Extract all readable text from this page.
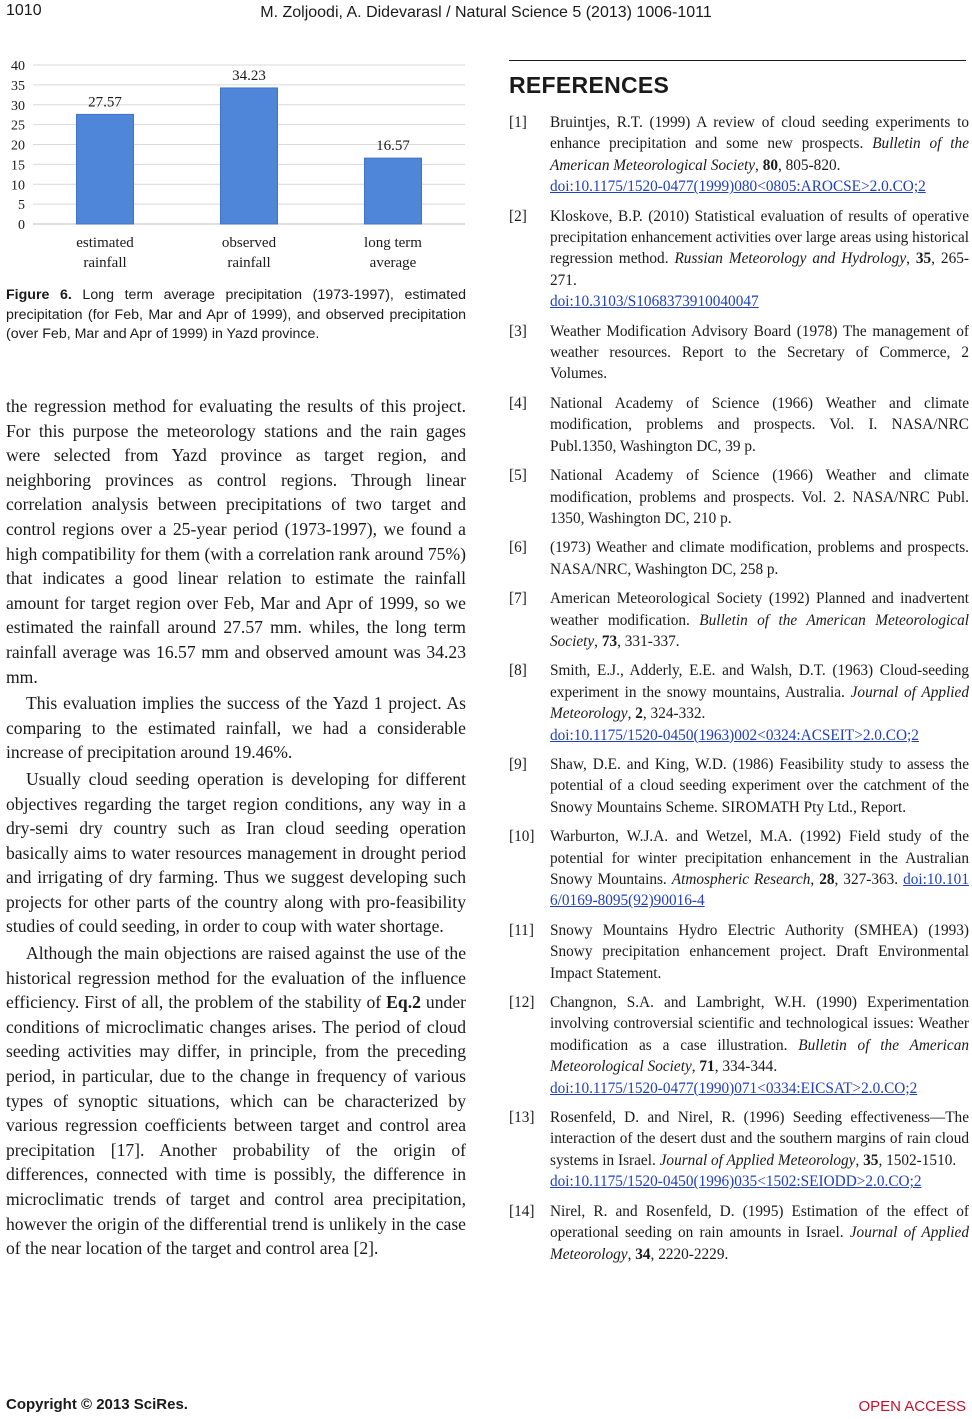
1010	M. Zoljoodi, A. Didevarasl / Natural Science 5 (2013) 1006-1011
0
5
10
15
20
25
30
35
40
27.57
estimated
rainfall
34.23
observed
rainfall
16.57
long term
average
Figure 6. Long term average precipitation (1973-1997), estimated precipitation (for Feb, Mar and Apr of 1999), and observed precipitation (over Feb, Mar and Apr of 1999) in Yazd province.

the regression method for evaluating the results of this project. For this purpose the meteorology stations and the rain gages were selected from Yazd province as target region, and neighboring provinces as control regions. Through linear correlation analysis between precipitations of two target and control regions over a 25-year period (1973-1997), we found a high compatibility for them (with a correlation rank around 75%) that indicates a good linear relation to estimate the rainfall amount for target region over Feb, Mar and Apr of 1999, so we estimated the rainfall around 27.57 mm. whiles, the long term rainfall average was 16.57 mm and observed amount was 34.23 mm.

This evaluation implies the success of the Yazd 1 project. As comparing to the estimated rainfall, we had a considerable increase of precipitation around 19.46%.

Usually cloud seeding operation is developing for different objectives regarding the target region conditions, any way in a dry-semi dry country such as Iran cloud seeding operation basically aims to water resources management in drought period and irrigating of dry farming. Thus we suggest developing such projects for other parts of the country along with pro-feasibility studies of could seeding, in order to coup with water shortage.

Although the main objections are raised against the use of the historical regression method for the evaluation of the influence efficiency. First of all, the problem of the stability of Eq.2 under conditions of microclimatic changes arises. The period of cloud seeding activities may differ, in principle, from the preceding period, in particular, due to the change in frequency of various types of synoptic situations, which can be characterized by various regression coefficients between target and control area precipitation [17]. Another probability of the origin of differences, connected with time is possibly, the difference in microclimatic trends of target and control area precipitation, however the origin of the differential trend is unlikely in the case of the near location of the target and control area [2].

REFERENCES
[1] Bruintjes, R.T. (1999) A review of cloud seeding experiments to enhance precipitation and some new prospects. Bulletin of the American Meteorological Society, 80, 805-820.
doi:10.1175/1520-0477(1999)080<0805:AROCSE>2.0.CO;2
[2] Kloskove, B.P. (2010) Statistical evaluation of results of operative precipitation enhancement activities over large areas using historical regression method. Russian Meteorology and Hydrology, 35, 265-271.
doi:10.3103/S1068373910040047
[3] Weather Modification Advisory Board (1978) The management of weather resources. Report to the Secretary of Commerce, 2 Volumes.
[4] National Academy of Science (1966) Weather and climate modification, problems and prospects. Vol. I. NASA/NRC Publ.1350, Washington DC, 39 p.
[5] National Academy of Science (1966) Weather and climate modification, problems and prospects. Vol. 2. NASA/NRC Publ. 1350, Washington DC, 210 p.
[6] (1973) Weather and climate modification, problems and prospects. NASA/NRC, Washington DC, 258 p.
[7] American Meteorological Society (1992) Planned and inadvertent weather modification. Bulletin of the American Meteorological Society, 73, 331-337.
[8] Smith, E.J., Adderly, E.E. and Walsh, D.T. (1963) Cloud-seeding experiment in the snowy mountains, Australia. Journal of Applied Meteorology, 2, 324-332.
doi:10.1175/1520-0450(1963)002<0324:ACSEIT>2.0.CO;2
[9] Shaw, D.E. and King, W.D. (1986) Feasibility study to assess the potential of a cloud seeding experiment over the catchment of the Snowy Mountains Scheme. SIROMATH Pty Ltd., Report.
[10] Warburton, W.J.A. and Wetzel, M.A. (1992) Field study of the potential for winter precipitation enhancement in the Australian Snowy Mountains. Atmospheric Research, 28, 327-363. doi:10.1016/0169-8095(92)90016-4
[11] Snowy Mountains Hydro Electric Authority (SMHEA) (1993) Snowy precipitation enhancement project. Draft Environmental Impact Statement.
[12] Changnon, S.A. and Lambright, W.H. (1990) Experimentation involving controversial scientific and technological issues: Weather modification as a case illustration. Bulletin of the American Meteorological Society, 71, 334-344.
doi:10.1175/1520-0477(1990)071<0334:EICSAT>2.0.CO;2
[13] Rosenfeld, D. and Nirel, R. (1996) Seeding effectiveness—The interaction of the desert dust and the southern margins of rain cloud systems in Israel. Journal of Applied Meteorology, 35, 1502-1510.
doi:10.1175/1520-0450(1996)035<1502:SEIODD>2.0.CO;2
[14] Nirel, R. and Rosenfeld, D. (1995) Estimation of the effect of operational seeding on rain amounts in Israel. Journal of Applied Meteorology, 34, 2220-2229.
Copyright © 2013 SciRes.	OPEN ACCESS
